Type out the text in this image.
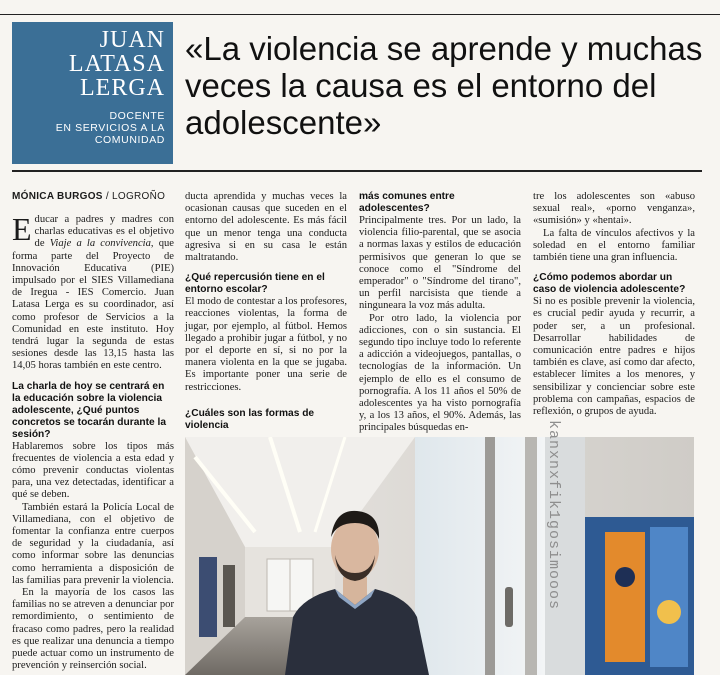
JUAN
LATASA
LERGA
DOCENTE
EN SERVICIOS A LA
COMUNIDAD
«La violencia se aprende y muchas veces la causa es el entorno del adolescente»
MÓNICA BURGOS / LOGROÑO

Educar a padres y madres con charlas educativas es el objetivo de Viaje a la convivencia, que forma parte del Proyecto de Innovación Educativa (PIE) impulsado por el SIES Villamediana de Iregua - IES Comercio. Juan Latasa Lerga es su coordinador, así como profesor de Servicios a la Comunidad en este instituto. Hoy tendrá lugar la segunda de estas sesiones desde las 13,15 hasta las 14,05 horas también en este centro.

La charla de hoy se centrará en la educación sobre la violencia adolescente, ¿Qué puntos concretos se tocarán durante la sesión?

Hablaremos sobre los tipos más frecuentes de violencia a esta edad y cómo prevenir conductas violentas para, una vez detectadas, identificar a qué se deben.

También estará la Policía Local de Villamediana, con el objetivo de fomentar la confianza entre cuerpos de seguridad y la ciudadanía, así como informar sobre las denuncias como herramienta a disposición de las familias para prevenir la violencia.

En la mayoría de los casos las familias no se atreven a denunciar por remordimiento, o sentimiento de fracaso como padres, pero la realidad es que realizar una denuncia a tiempo puede actuar como un instrumento de prevención y reinserción social.

ducta aprendida y muchas veces la ocasionan causas que suceden en el entorno del adolescente. Es más fácil que un menor tenga una conducta agresiva si en su casa le están maltratando.

¿Qué repercusión tiene en el entorno escolar?

El modo de contestar a los profesores, reacciones violentas, la forma de jugar, por ejemplo, al fútbol. Hemos llegado a prohibir jugar a fútbol, y no por el deporte en sí, si no por la manera violenta en la que se jugaba. Es importante poner una serie de restricciones.

¿Cuáles son las formas de violencia
más comunes entre adolescentes?

Principalmente tres. Por un lado, la violencia filio-parental, que se asocia a normas laxas y estilos de educación permisivos que generan lo que se conoce como el "Síndrome del emperador" o "Síndrome del tirano", un perfil narcisista que tiende a ninguneara la voz más adulta.

Por otro lado, la violencia por adicciones, con o sin sustancia. El segundo tipo incluye todo lo referente a adicción a videojuegos, pantallas, o tecnologías de la información. Un ejemplo de ello es el consumo de pornografía. A los 11 años el 50% de adolescentes ya ha visto pornografía y, a los 13 años, el 90%. Además, las principales búsquedas en-

tre los adolescentes son «abuso sexual real», «porno venganza», «sumisión» y «hentai».

La falta de vínculos afectivos y la soledad en el entorno familiar también tiene una gran influencia.

¿Cómo podemos abordar un caso de violencia adolescente?

Si no es posible prevenir la violencia, es crucial pedir ayuda y recurrir, a poder ser, a un profesional. Desarrollar habilidades de comunicación entre padres e hijos también es clave, así como dar afecto, establecer límites a los menores, y sensibilizar y concienciar sobre este problema con campañas, espacios de reflexión, o grupos de ayuda.

kanxnxfik1gosimooos
